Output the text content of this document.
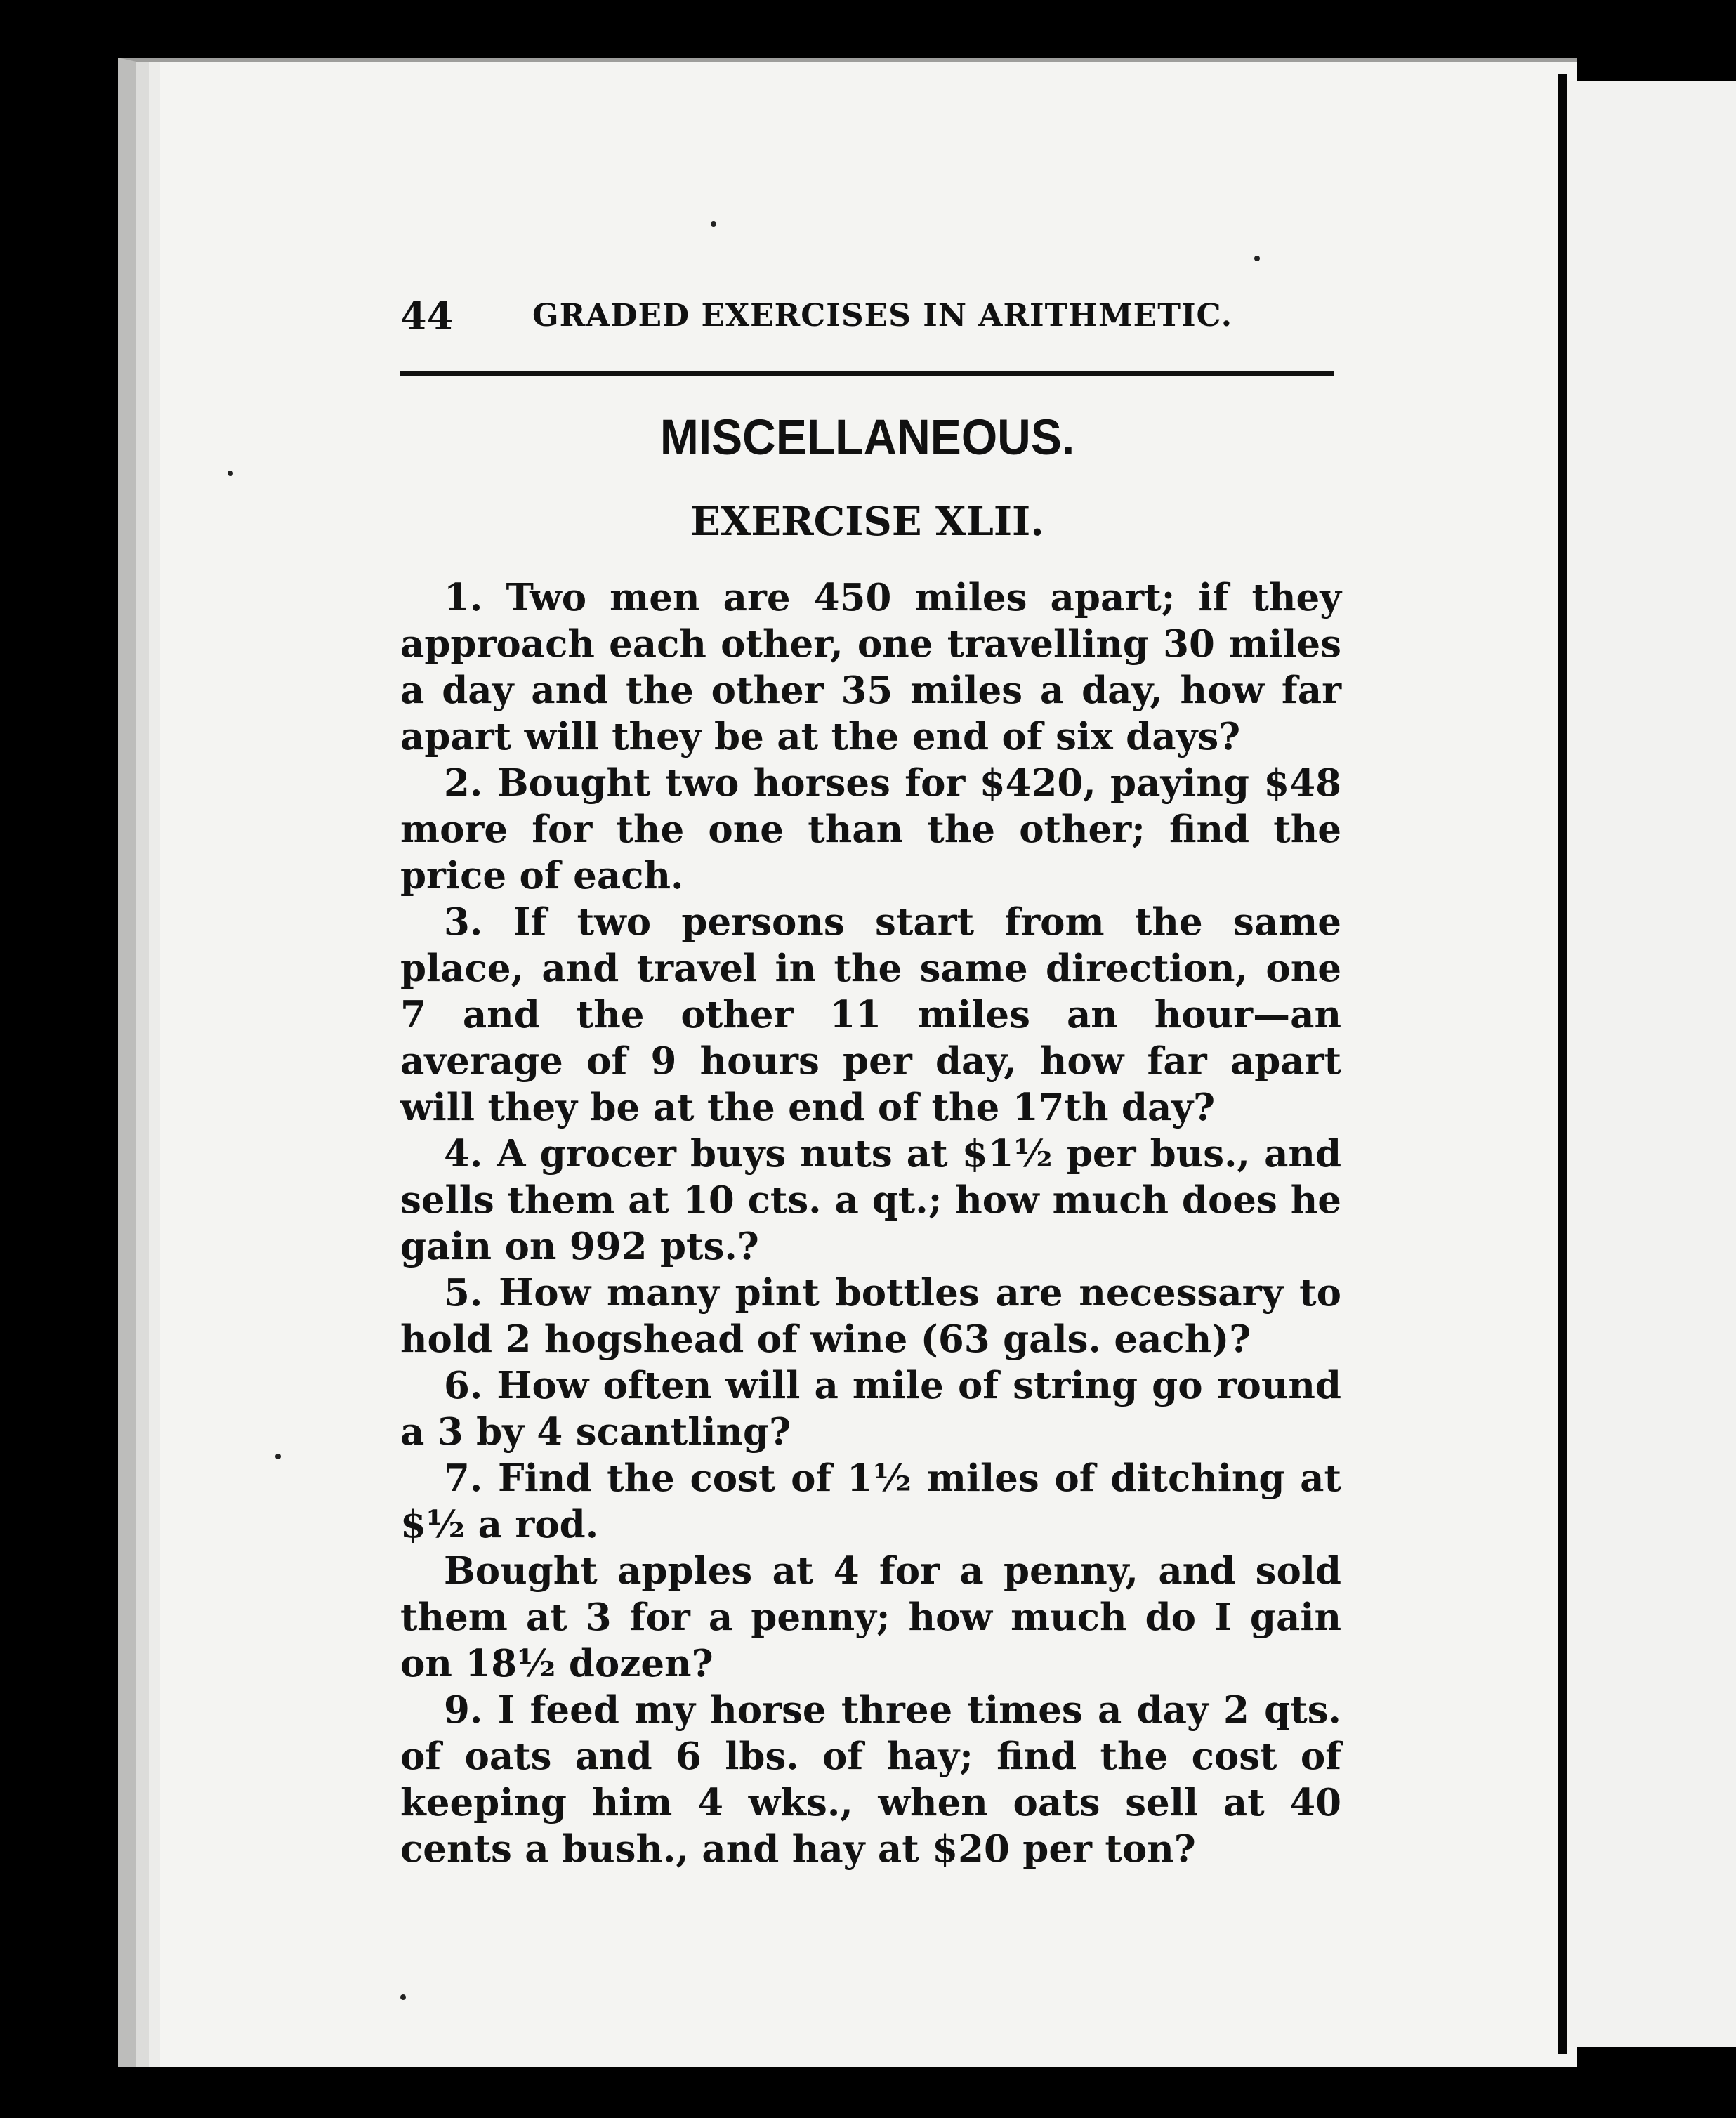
44	GRADED EXERCISES IN ARITHMETIC.
MISCELLANEOUS.
EXERCISE XLII.

1. Two men are 450 miles apart; if they approach each other, one travelling 30 miles a day and the other 35 miles a day, how far apart will they be at the end of six days?

2. Bought two horses for $420, paying $48 more for the one than the other; find the price of each.

3. If two persons start from the same place, and travel in the same direction, one 7 and the other 11 miles an hour—an average of 9 hours per day, how far apart will they be at the end of the 17th day?

4. A grocer buys nuts at $1½ per bus., and sells them at 10 cts. a qt.; how much does he gain on 992 pts.?

5. How many pint bottles are necessary to hold 2 hogshead of wine (63 gals. each)?

6. How often will a mile of string go round a 3 by 4 scantling?

7. Find the cost of 1½ miles of ditching at $½ a rod.

Bought apples at 4 for a penny, and sold them at 3 for a penny; how much do I gain on 18½ dozen?

9. I feed my horse three times a day 2 qts. of oats and 6 lbs. of hay; find the cost of keeping him 4 wks., when oats sell at 40 cents a bush., and hay at $20 per ton?
